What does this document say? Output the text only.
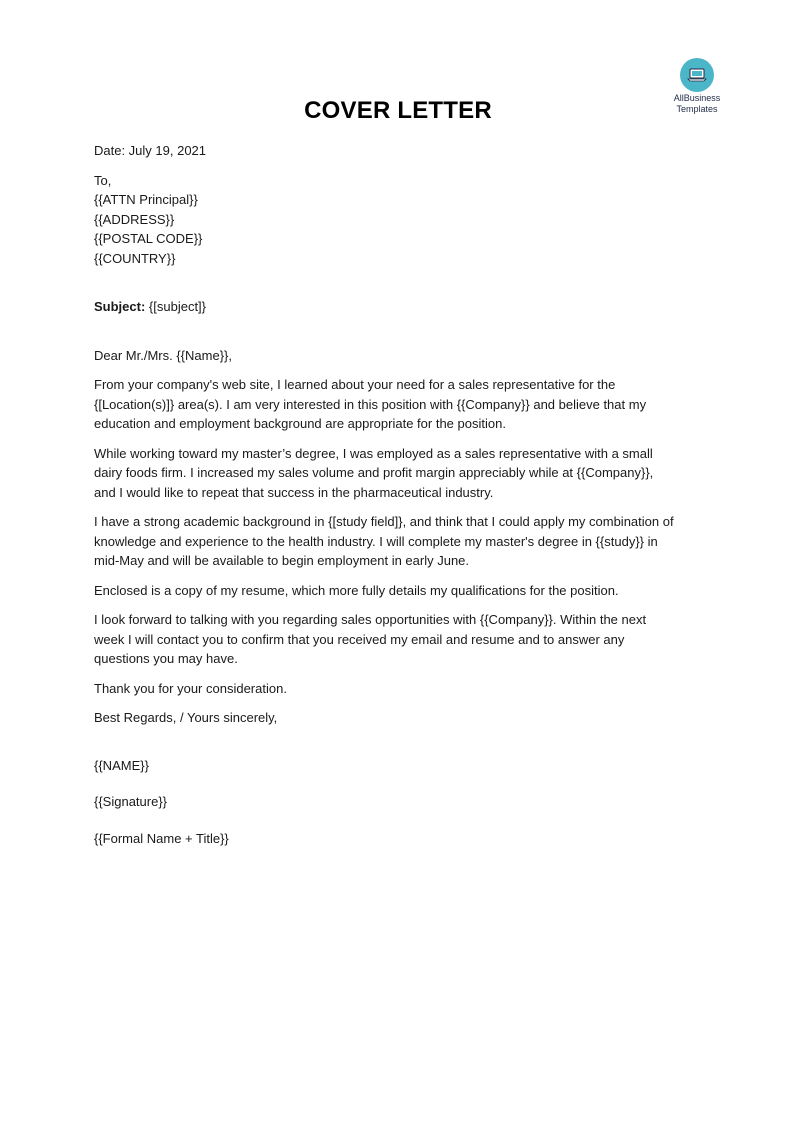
AllBusiness
Templates
COVER LETTER

Date: July 19, 2021

To,

{{ATTN Principal}}

{{ADDRESS}}

{{POSTAL CODE}}

{{COUNTRY}}

Subject: {[subject]}

Dear Mr./Mrs. {{Name}},

From your company's web site, I learned about your need for a sales representative for the
{[Location(s)]} area(s). I am very interested in this position with {{Company}} and believe that my
education and employment background are appropriate for the position.

While working toward my master’s degree, I was employed as a sales representative with a small
dairy foods firm. I increased my sales volume and profit margin appreciably while at {{Company}},
and I would like to repeat that success in the pharmaceutical industry.

I have a strong academic background in {[study field]}, and think that I could apply my combination of
knowledge and experience to the health industry. I will complete my master's degree in {{study}} in
mid-May and will be available to begin employment in early June.

Enclosed is a copy of my resume, which more fully details my qualifications for the position.

I look forward to talking with you regarding sales opportunities with {{Company}}. Within the next
week I will contact you to confirm that you received my email and resume and to answer any
questions you may have.

Thank you for your consideration.

Best Regards, / Yours sincerely,

{{NAME}}

{{Signature}}

{{Formal Name + Title}}
